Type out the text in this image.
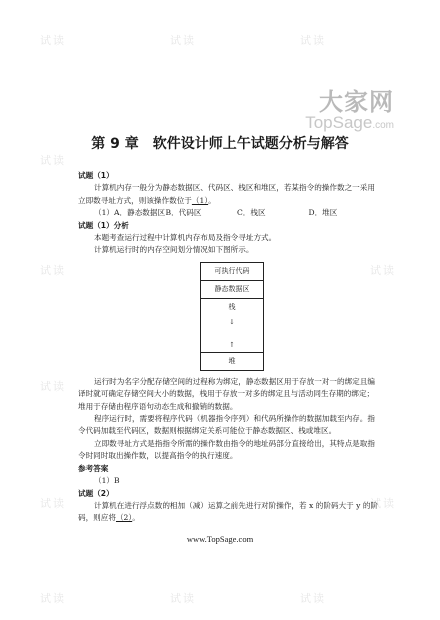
试读	试读	试读
试读
试读	试读
试读
试读	试读
试读	试读	试读
大家网
TopSage.com
第 9 章　软件设计师上午试题分析与解答

试题（1）

计算机内存一般分为静态数据区、代码区、栈区和堆区，若某指令的操作数之一采用立即数寻址方式，则该操作数位于（1）。

（1）A．静态数据区 B．代码区	C．栈区	D．堆区

试题（1）分析

本题考查运行过程中计算机内存布局及指令寻址方式。

计算机运行时的内存空间划分情况如下图所示。

可执行代码
静态数据区
栈
↓
↑
堆

运行时为名字分配存储空间的过程称为绑定，静态数据区用于存放一对一的绑定且编译时就可确定存储空间大小的数据，栈用于存放一对多的绑定且与活动同生存期的绑定；堆用于存储由程序语句动态生成和撤销的数据。

程序运行时，需要将程序代码（机器指令序列）和代码所操作的数据加载至内存。指令代码加载至代码区，数据则根据绑定关系可能位于静态数据区、栈或堆区。

立即数寻址方式是指指令所需的操作数由指令的地址码部分直接给出，其特点是取指令时同时取出操作数，以提高指令的执行速度。

参考答案

（1）B

试题（2）

计算机在进行浮点数的相加（减）运算之前先进行对阶操作，若 x 的阶码大于 y 的阶码，则应将（2）。

www.TopSage.com
